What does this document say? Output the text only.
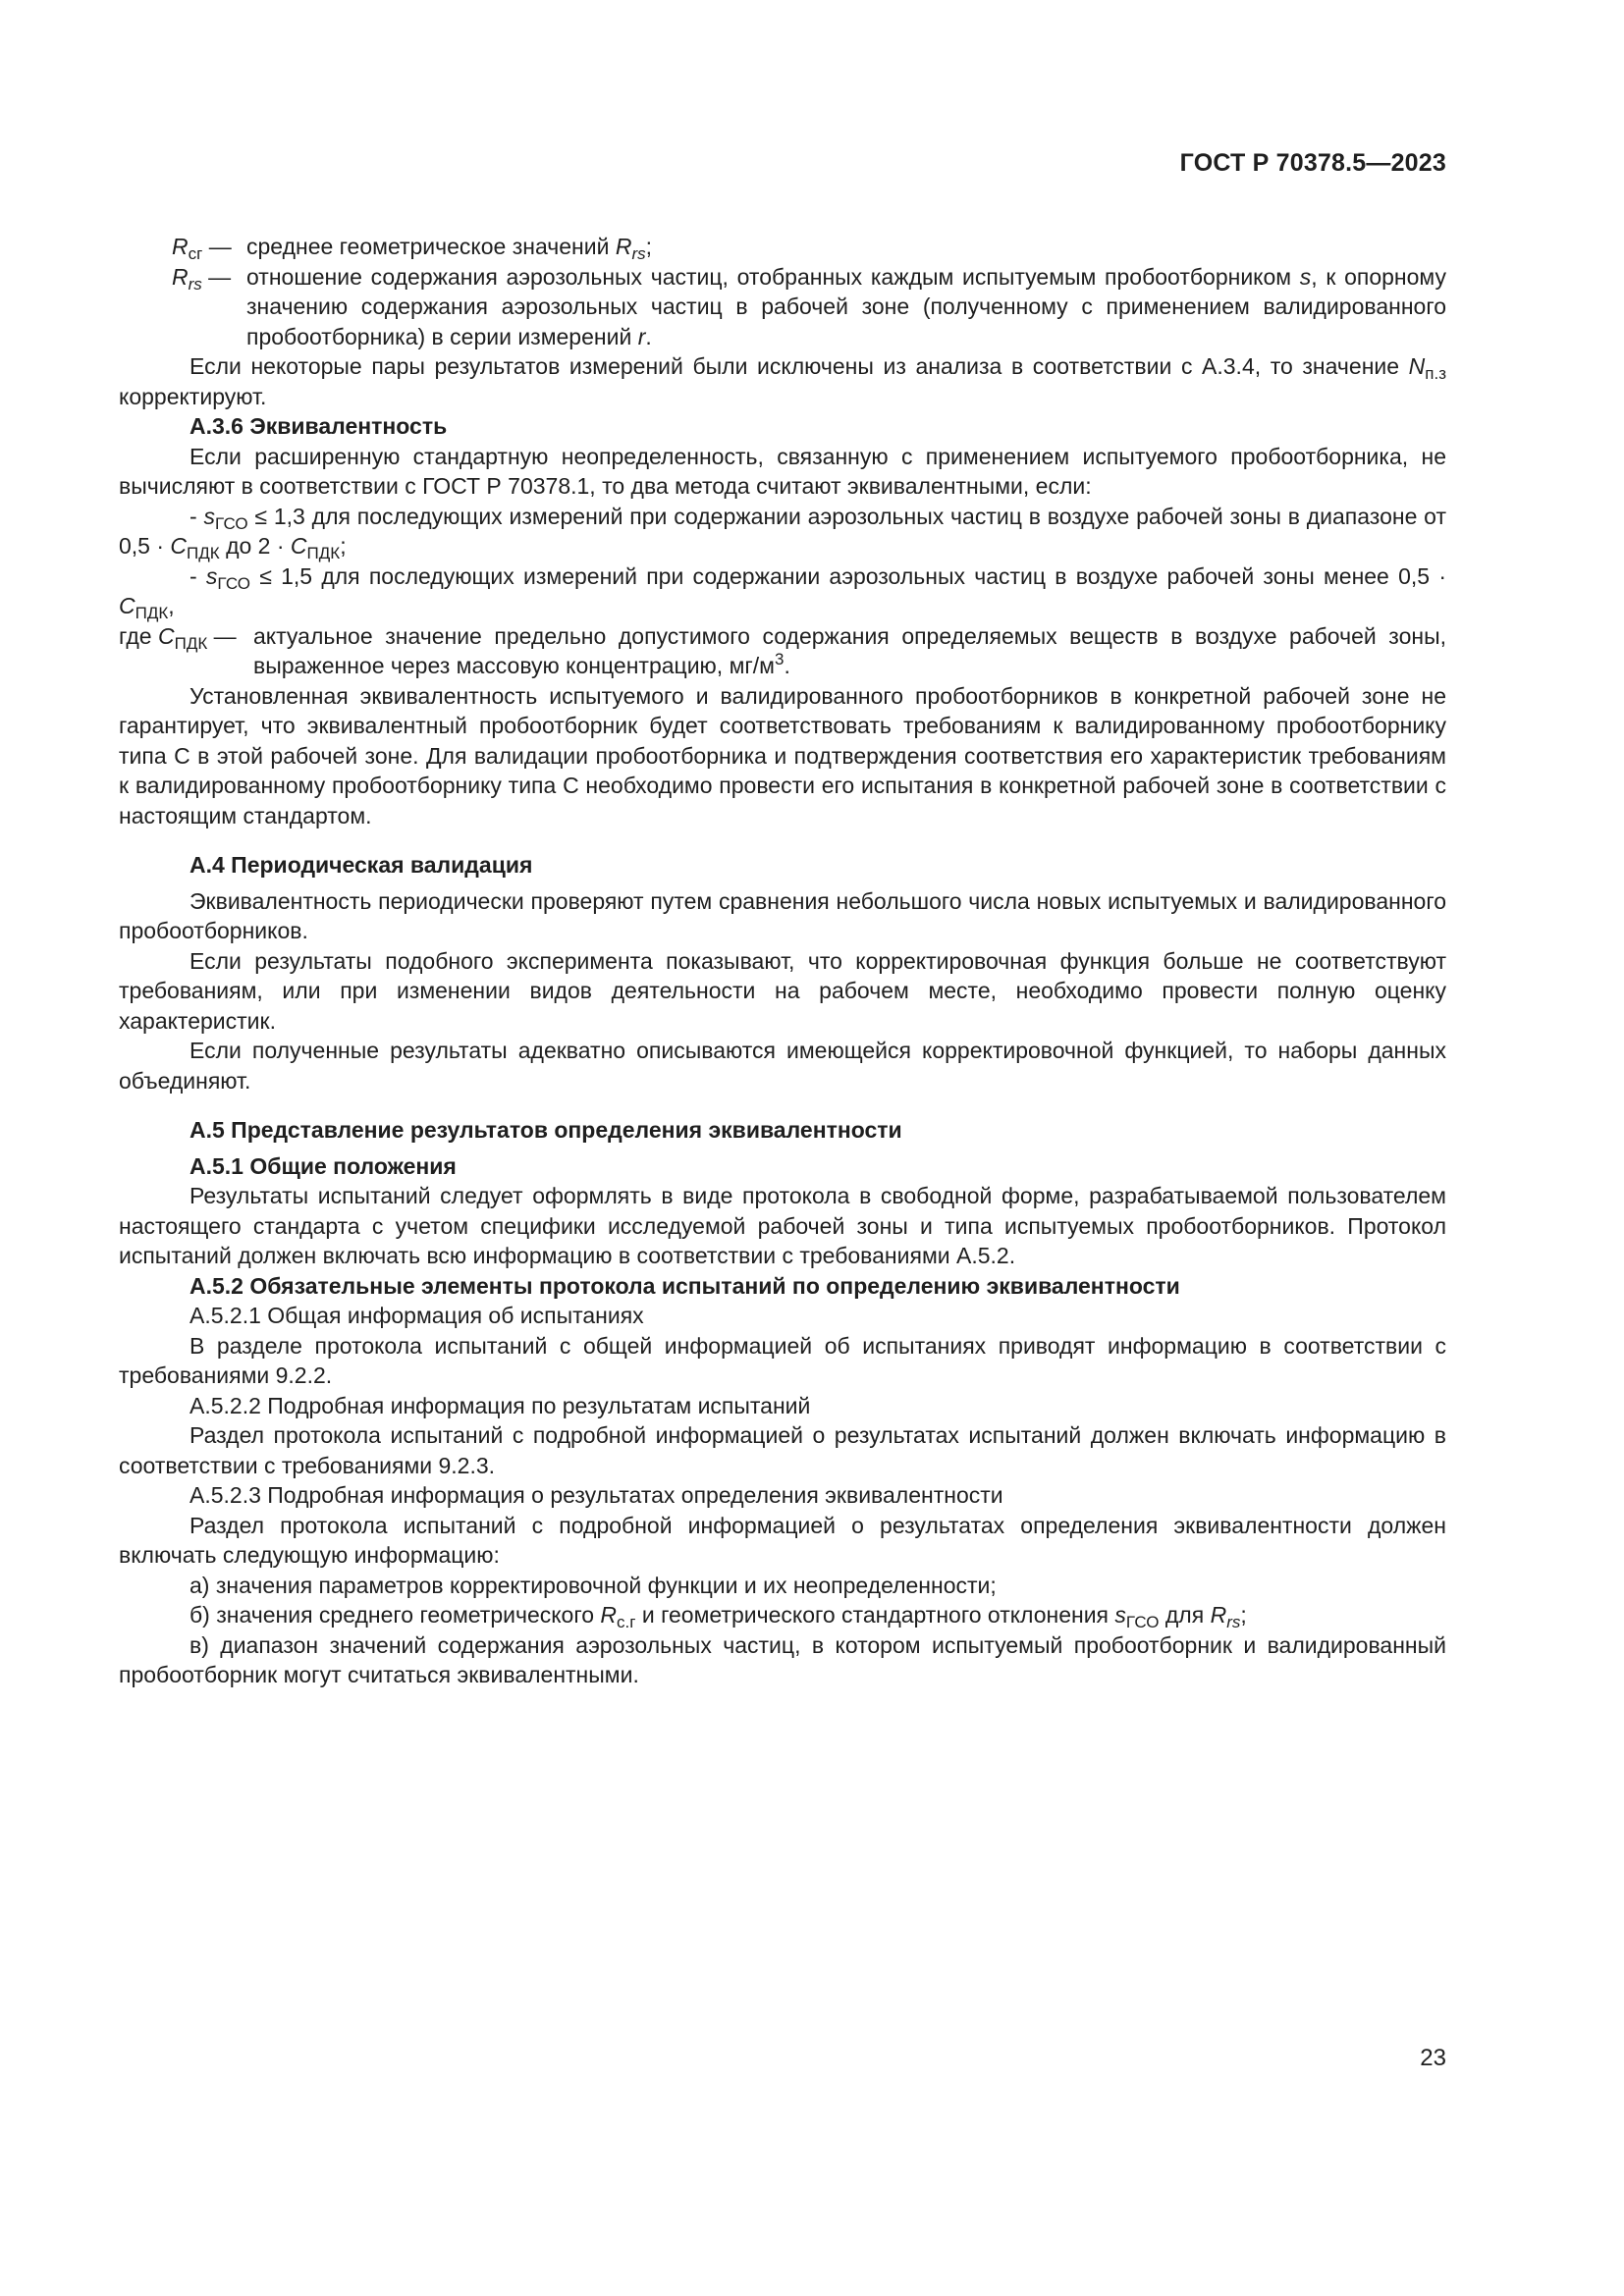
ГОСТ Р 70378.5—2023
$R_{сг}$ — среднее геометрическое значений $R_{rs}$;
$R_{rs}$ — отношение содержания аэрозольных частиц, отобранных каждым испытуемым пробоотборником s, к опорному значению содержания аэрозольных частиц в рабочей зоне (полученному с применением валидированного пробоотборника) в серии измерений r.

Если некоторые пары результатов измерений были исключены из анализа в соответствии с А.3.4, то значение $N_{п.з}$ корректируют.

А.3.6 Эквивалентность

Если расширенную стандартную неопределенность, связанную с применением испытуемого пробоотборника, не вычисляют в соответствии с ГОСТ Р 70378.1, то два метода считают эквивалентными, если:

- $s_{ГСО} \le 1,3$ для последующих измерений при содержании аэрозольных частиц в воздухе рабочей зоны в диапазоне от $0,5 \cdot С_{ПДК}$ до $2 \cdot С_{ПДК}$;

- $s_{ГСО} \le 1,5$ для последующих измерений при содержании аэрозольных частиц в воздухе рабочей зоны менее $0,5 \cdot С_{ПДК}$,

где $С_{ПДК}$ — актуальное значение предельно допустимого содержания определяемых веществ в воздухе рабочей зоны, выраженное через массовую концентрацию, $мг/м^3$.

Установленная эквивалентность испытуемого и валидированного пробоотборников в конкретной рабочей зоне не гарантирует, что эквивалентный пробоотборник будет соответствовать требованиям к валидированному пробоотборнику типа С в этой рабочей зоне. Для валидации пробоотборника и подтверждения соответствия его характеристик требованиям к валидированному пробоотборнику типа С необходимо провести его испытания в конкретной рабочей зоне в соответствии с настоящим стандартом.

А.4 Периодическая валидация

Эквивалентность периодически проверяют путем сравнения небольшого числа новых испытуемых и валидированного пробоотборников.

Если результаты подобного эксперимента показывают, что корректировочная функция больше не соответствуют требованиям, или при изменении видов деятельности на рабочем месте, необходимо провести полную оценку характеристик.

Если полученные результаты адекватно описываются имеющейся корректировочной функцией, то наборы данных объединяют.

А.5 Представление результатов определения эквивалентности
А.5.1 Общие положения

Результаты испытаний следует оформлять в виде протокола в свободной форме, разрабатываемой пользователем настоящего стандарта с учетом специфики исследуемой рабочей зоны и типа испытуемых пробоотборников. Протокол испытаний должен включать всю информацию в соответствии с требованиями А.5.2.

А.5.2 Обязательные элементы протокола испытаний по определению эквивалентности
А.5.2.1 Общая информация об испытаниях

В разделе протокола испытаний с общей информацией об испытаниях приводят информацию в соответствии с требованиями 9.2.2.

А.5.2.2 Подробная информация по результатам испытаний

Раздел протокола испытаний с подробной информацией о результатах испытаний должен включать информацию в соответствии с требованиями 9.2.3.

А.5.2.3 Подробная информация о результатах определения эквивалентности

Раздел протокола испытаний с подробной информацией о результатах определения эквивалентности должен включать следующую информацию:

а) значения параметров корректировочной функции и их неопределенности;
б) значения среднего геометрического $R_{с.г}$ и геометрического стандартного отклонения $s_{ГСО}$ для $R_{rs}$;

в) диапазон значений содержания аэрозольных частиц, в котором испытуемый пробоотборник и валидированный пробоотборник могут считаться эквивалентными.

23
